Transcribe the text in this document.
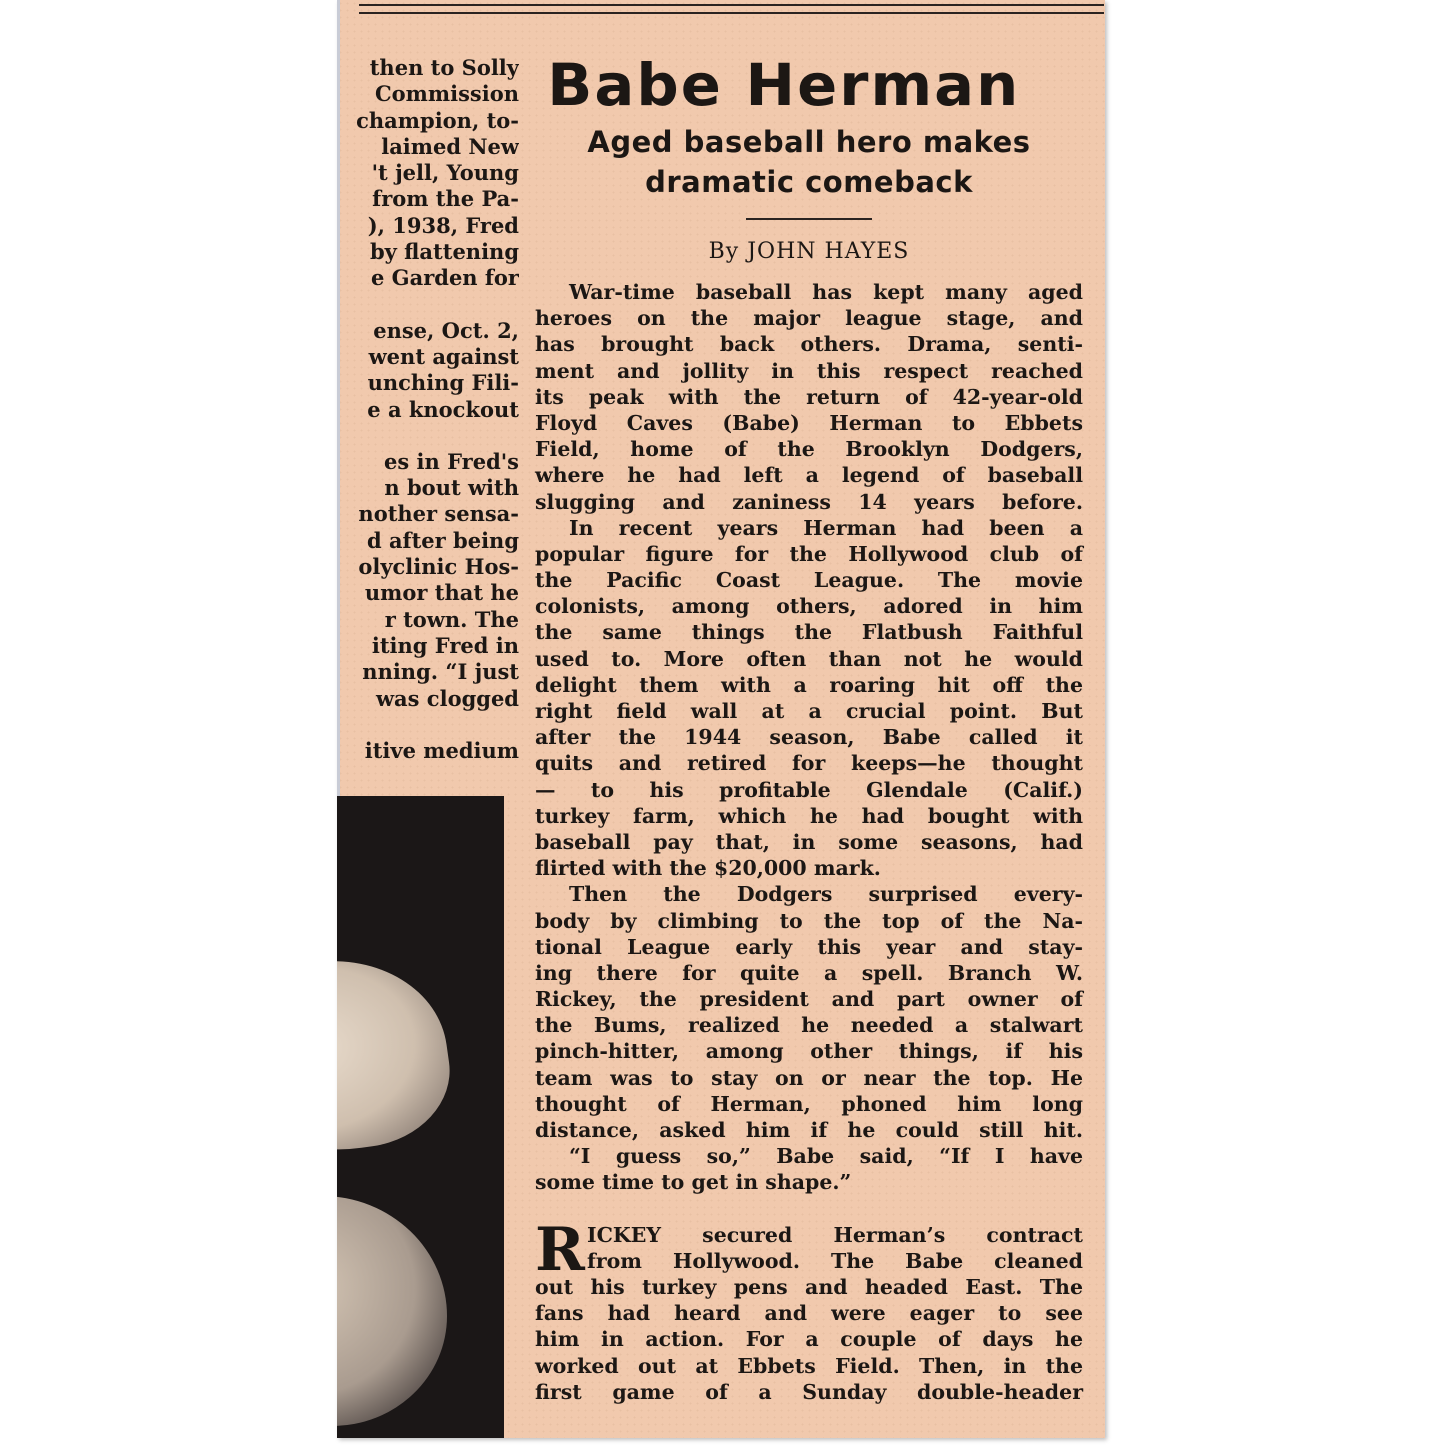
then to Solly
Commission
champion, to-
laimed New
't jell, Young
from the Pa-
), 1938, Fred
by flattening
e Garden for
ense, Oct. 2,
went against
unching Fili-
e a knockout
es in Fred's
n bout with
nother sensa-
d after being
olyclinic Hos-
umor that he
r town. The
iting Fred in
nning. “I just
was clogged
itive medium
Babe Herman
Aged baseball hero makes
dramatic comeback
By JOHN HAYES
War-time baseball has kept many aged
heroes on the major league stage, and
has brought back others. Drama, senti-
ment and jollity in this respect reached
its peak with the return of 42-year-old
Floyd Caves (Babe) Herman to Ebbets
Field, home of the Brooklyn Dodgers,
where he had left a legend of baseball
slugging and zaniness 14 years before.
In recent years Herman had been a
popular figure for the Hollywood club of
the Pacific Coast League. The movie
colonists, among others, adored in him
the same things the Flatbush Faithful
used to. More often than not he would
delight them with a roaring hit off the
right field wall at a crucial point. But
after the 1944 season, Babe called it
quits and retired for keeps—he thought
— to his profitable Glendale (Calif.)
turkey farm, which he had bought with
baseball pay that, in some seasons, had
flirted with the $20,000 mark.
Then the Dodgers surprised every-
body by climbing to the top of the Na-
tional League early this year and stay-
ing there for quite a spell. Branch W.
Rickey, the president and part owner of
the Bums, realized he needed a stalwart
pinch-hitter, among other things, if his
team was to stay on or near the top. He
thought of Herman, phoned him long
distance, asked him if he could still hit.
“I guess so,” Babe said, “If I have
some time to get in shape.”
R ICKEY secured Herman’s contract
from Hollywood. The Babe cleaned
out his turkey pens and headed East. The
fans had heard and were eager to see
him in action. For a couple of days he
worked out at Ebbets Field. Then, in the
first game of a Sunday double-header
